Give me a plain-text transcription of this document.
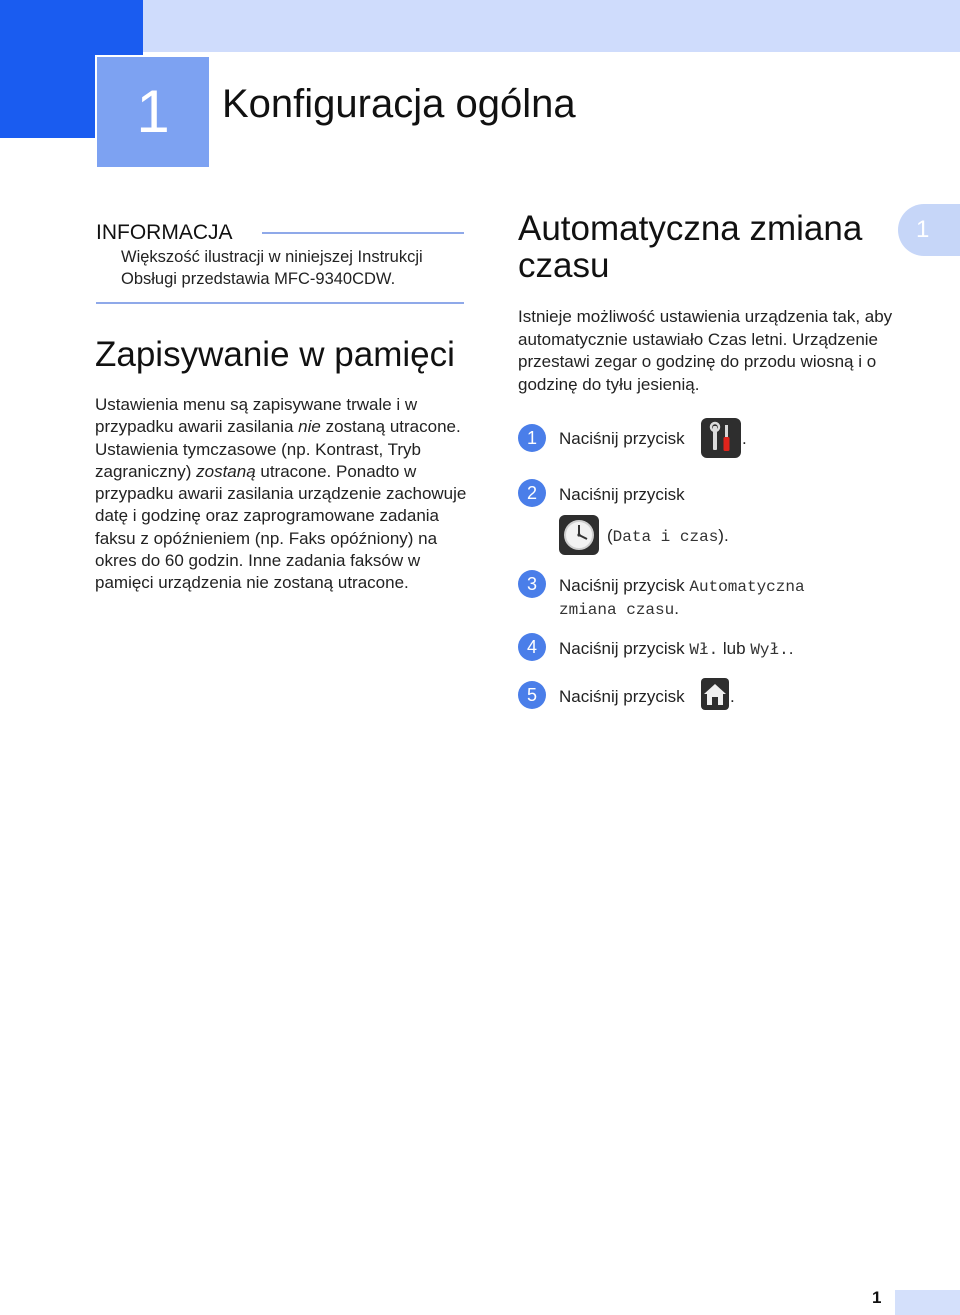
1	Konfiguracja ogólna
INFORMACJA
Większość ilustracji w niniejszej Instrukcji Obsługi przedstawia MFC-9340CDW.
Zapisywanie w pamięci
Ustawienia menu są zapisywane trwale i w przypadku awarii zasilania nie zostaną utracone. Ustawienia tymczasowe (np. Kontrast, Tryb zagraniczny) zostaną utracone. Ponadto w przypadku awarii zasilania urządzenie zachowuje datę i godzinę oraz zaprogramowane zadania faksu z opóźnieniem (np. Faks opóźniony) na okres do 60 godzin. Inne zadania faksów w pamięci urządzenia nie zostaną utracone.
Automatyczna zmiana czasu
1
Istnieje możliwość ustawienia urządzenia tak, aby automatycznie ustawiało Czas letni. Urządzenie przestawi zegar o godzinę do przodu wiosną i o godzinę do tyłu jesienią.
1	Naciśnij przycisk	.
2	Naciśnij przycisk
(Data i czas).
3	Naciśnij przycisk Automatyczna
zmiana czasu.
4	Naciśnij przycisk Wł. lub Wył..
5	Naciśnij przycisk	.
1
